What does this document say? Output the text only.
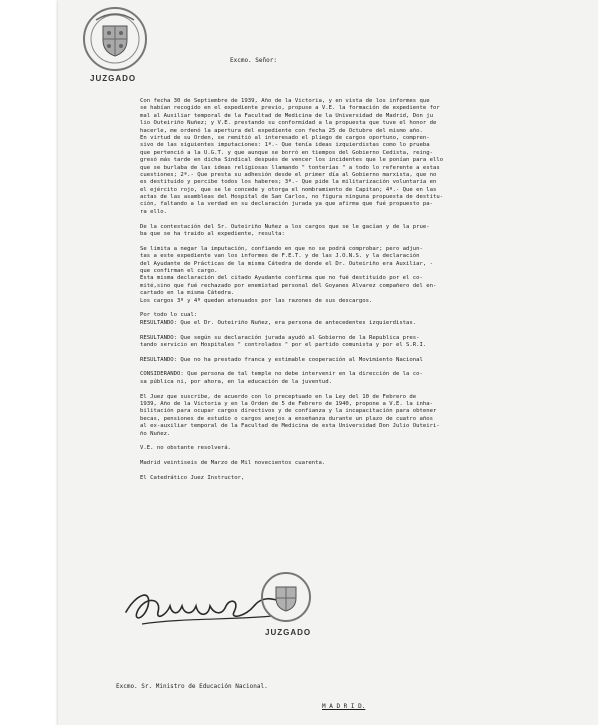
JUZGADO
Excmo. Señor:
Con fecha 30 de Septiembre de 1939, Año de la Victoria, y en vista de los informes que
se habían recogido en el expediente previo, propuse a V.E. la formación de expediente for
mal al Auxiliar temporal de la Facultad de Medicina de la Universidad de Madrid, Don ju
lio Outeiriño Nuñez; y V.E. prestando su conformidad a la propuesta que tuve el honor de
hacerle, me ordenó la apertura del expediente con fecha 25 de Octubre del mismo año.
En virtud de su Orden, se remitió al interesado el pliego de cargos oportuno, compren-
sivo de las siguientes imputaciones: 1ª.- Que tenía ideas izquierdistas como lo prueba
que pertenció a la U.G.T. y que aunque se borró en tiempos del Gobierno Cedista, reing-
gresó más tarde en dicha Sindical después de vencer los incidentes que le ponían para ello
que se burlaba de las ideas religiosas llamando " tonterías " a todo lo referente a estas
cuestiones; 2ª.- Que presta su adhesión desde el primer día al Gobierno marxista, que no
es destituido y percibe todos los haberes; 3ª.- Que pide la militarización voluntaria en
el ejército rojo, que se le concede y otorga el nombramiento de Capitan; 4ª.- Que en las
actas de las asambleas del Hospital de San Carlos, no figura ninguna propuesta de destitu-
ción, faltando a la verdad en su declaración jurada ya que afirma que fué propuesto pa-
ra ello.
De la contestación del Sr. Outeiriño Nuñez a los cargos que se le gacían y de la prue-
ba que se ha traido al expediente, resulta:
Se limita a negar la imputación, confiando en que no se podrá comprobar; pero adjun-
tas a este expediente van los informes de F.E.T. y de las J.O.N.S. y la declaración
del Ayudante de Prácticas de la misma Cátedra de donde el Dr. Outeiriño era Auxiliar, -
que confirman el cargo.
Esta misma declaración del citado Ayudante confirma que no fué destituido por el co-
mité,sino que fué rechazado por enemistad personal del Goyanes Alvarez compañero del en-
cartado en la misma Cátedra.
Los cargos 3º y 4º quedan atenuados por las razones de sus descargos.
Por todo lo cual:
RESULTANDO: Que el Dr. Outeiriño Nuñez, era persona de antecedentes izquierdistas.
RESULTANDO: Que según su declaración jurada ayudó al Gobierno de la Republica pres-
tando servicio en Hospitales " controlados " por el partido comunista y por el S.R.I.
RESULTANDO: Que no ha prestado franca y estimable cooperación al Movimiento Nacional
CONSIDERANDO: Que persona de tal temple no debe intervenir en la dirección de la co-
sa pública ni, por ahora, en la educación de la juventud.
El Juez que suscribe, de acuerdo con lo preceptuado en la Ley del 10 de Febrero de
1939, Año de la Victoria y en la Orden de 5 de Febrero de 1940, propone a V.E. la inha-
bilitación para ocupar cargos directivos y de confianza y la incapacitación para obtener
becas, pensiones de estudio o cargos anejos a enseñanza durante un plazo de cuatro años
al ex-auxiliar temporal de la Facultad de Medicina de esta Universidad Don Julio Outeiri-
ño Nuñez.
V.E. no obstante resolverá.
Madrid veintiseis de Marzo de Mil novecientos cuarenta.
El Catedrático Juez Instructor,
JUZGADO
Excmo. Sr. Ministro de Educación Nacional.
M A D R I D.
